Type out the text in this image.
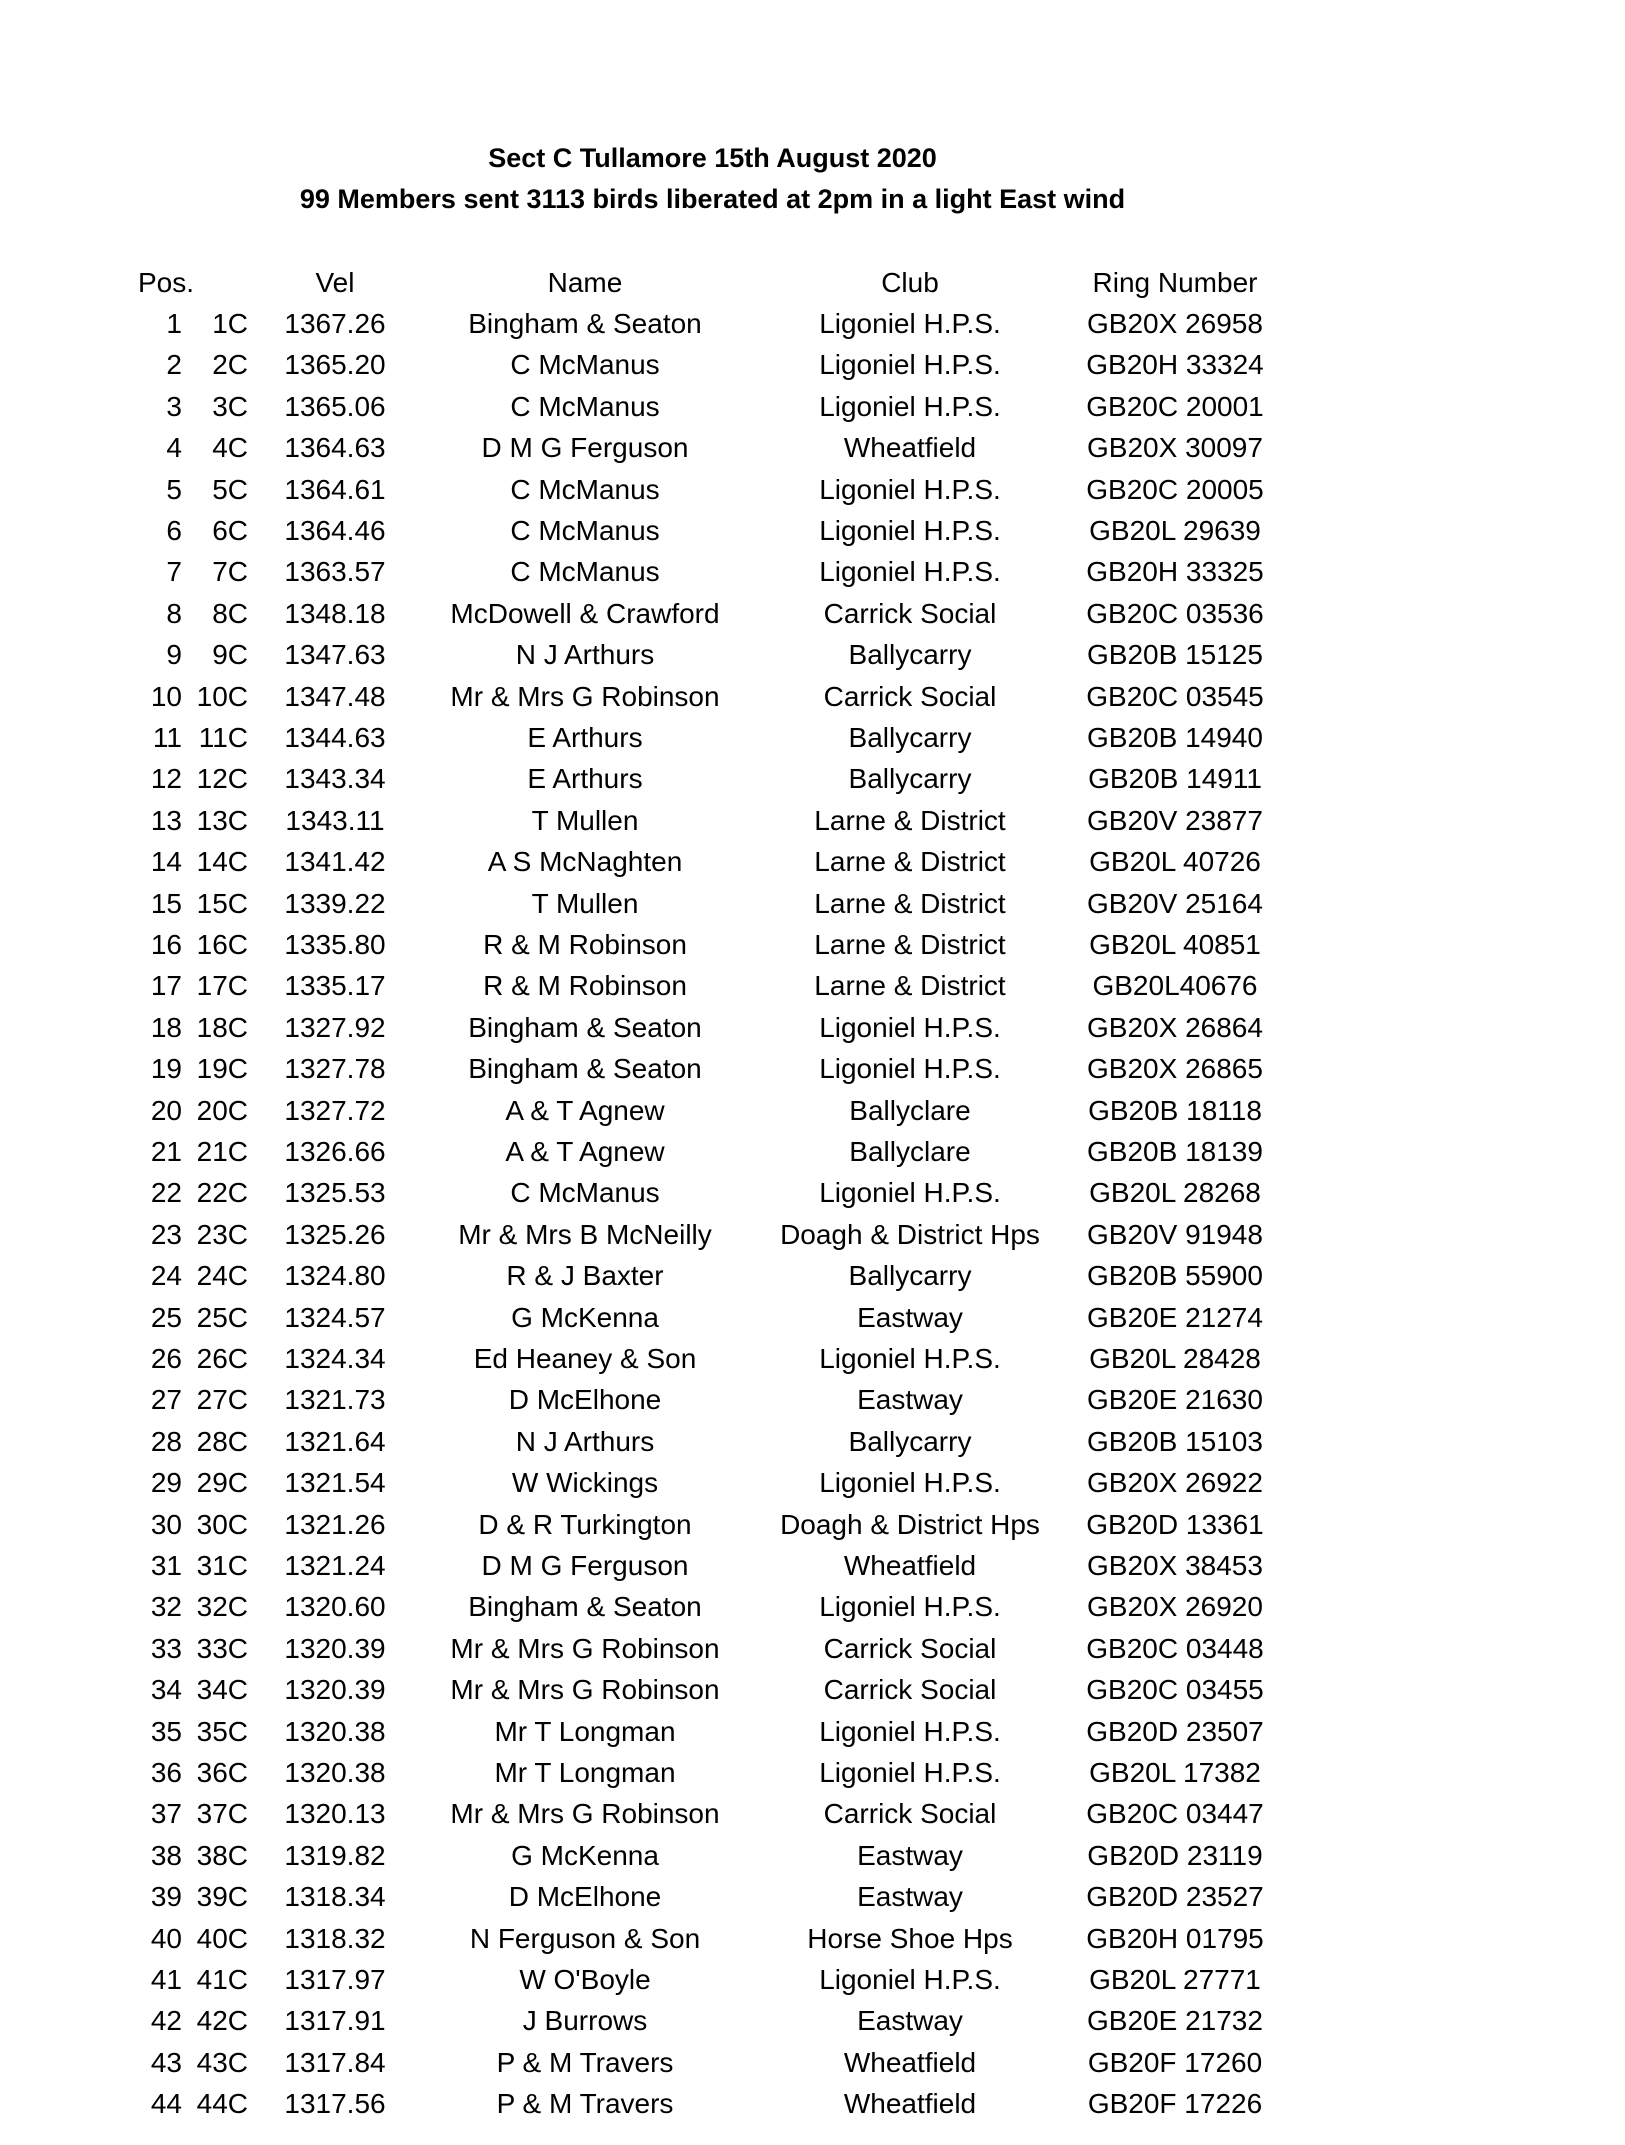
Sect C Tullamore 15th August 2020
99 Members sent 3113 birds liberated at 2pm in a light East wind
Pos.	Vel	Name	Club	Ring Number
1	1C	1367.26	Bingham & Seaton	Ligoniel H.P.S.	GB20X 26958
2	2C	1365.20	C McManus	Ligoniel H.P.S.	GB20H 33324
3	3C	1365.06	C McManus	Ligoniel H.P.S.	GB20C 20001
4	4C	1364.63	D M G Ferguson	Wheatfield	GB20X 30097
5	5C	1364.61	C McManus	Ligoniel H.P.S.	GB20C 20005
6	6C	1364.46	C McManus	Ligoniel H.P.S.	GB20L 29639
7	7C	1363.57	C McManus	Ligoniel H.P.S.	GB20H 33325
8	8C	1348.18	McDowell & Crawford	Carrick Social	GB20C 03536
9	9C	1347.63	N J Arthurs	Ballycarry	GB20B 15125
10 10C	1347.48	Mr & Mrs G Robinson	Carrick Social	GB20C 03545
11 11C	1344.63	E Arthurs	Ballycarry	GB20B 14940
12 12C	1343.34	E Arthurs	Ballycarry	GB20B 14911
13 13C	1343.11	T Mullen	Larne & District	GB20V 23877
14 14C	1341.42	A S McNaghten	Larne & District	GB20L 40726
15 15C	1339.22	T Mullen	Larne & District	GB20V 25164
16 16C	1335.80	R & M Robinson	Larne & District	GB20L 40851
17 17C	1335.17	R & M Robinson	Larne & District	GB20L40676
18 18C	1327.92	Bingham & Seaton	Ligoniel H.P.S.	GB20X 26864
19 19C	1327.78	Bingham & Seaton	Ligoniel H.P.S.	GB20X 26865
20 20C	1327.72	A & T Agnew	Ballyclare	GB20B 18118
21 21C	1326.66	A & T Agnew	Ballyclare	GB20B 18139
22 22C	1325.53	C McManus	Ligoniel H.P.S.	GB20L 28268
23 23C	1325.26	Mr & Mrs B McNeilly	Doagh & District Hps	GB20V 91948
24 24C	1324.80	R & J Baxter	Ballycarry	GB20B 55900
25 25C	1324.57	G McKenna	Eastway	GB20E 21274
26 26C	1324.34	Ed Heaney & Son	Ligoniel H.P.S.	GB20L 28428
27 27C	1321.73	D McElhone	Eastway	GB20E 21630
28 28C	1321.64	N J Arthurs	Ballycarry	GB20B 15103
29 29C	1321.54	W Wickings	Ligoniel H.P.S.	GB20X 26922
30 30C	1321.26	D & R Turkington	Doagh & District Hps	GB20D 13361
31 31C	1321.24	D M G Ferguson	Wheatfield	GB20X 38453
32 32C	1320.60	Bingham & Seaton	Ligoniel H.P.S.	GB20X 26920
33 33C	1320.39	Mr & Mrs G Robinson	Carrick Social	GB20C 03448
34 34C	1320.39	Mr & Mrs G Robinson	Carrick Social	GB20C 03455
35 35C	1320.38	Mr T Longman	Ligoniel H.P.S.	GB20D 23507
36 36C	1320.38	Mr T Longman	Ligoniel H.P.S.	GB20L 17382
37 37C	1320.13	Mr & Mrs G Robinson	Carrick Social	GB20C 03447
38 38C	1319.82	G McKenna	Eastway	GB20D 23119
39 39C	1318.34	D McElhone	Eastway	GB20D 23527
40 40C	1318.32	N Ferguson & Son	Horse Shoe Hps	GB20H 01795
41 41C	1317.97	W O'Boyle	Ligoniel H.P.S.	GB20L 27771
42 42C	1317.91	J Burrows	Eastway	GB20E 21732
43 43C	1317.84	P & M Travers	Wheatfield	GB20F 17260
44 44C	1317.56	P & M Travers	Wheatfield	GB20F 17226
